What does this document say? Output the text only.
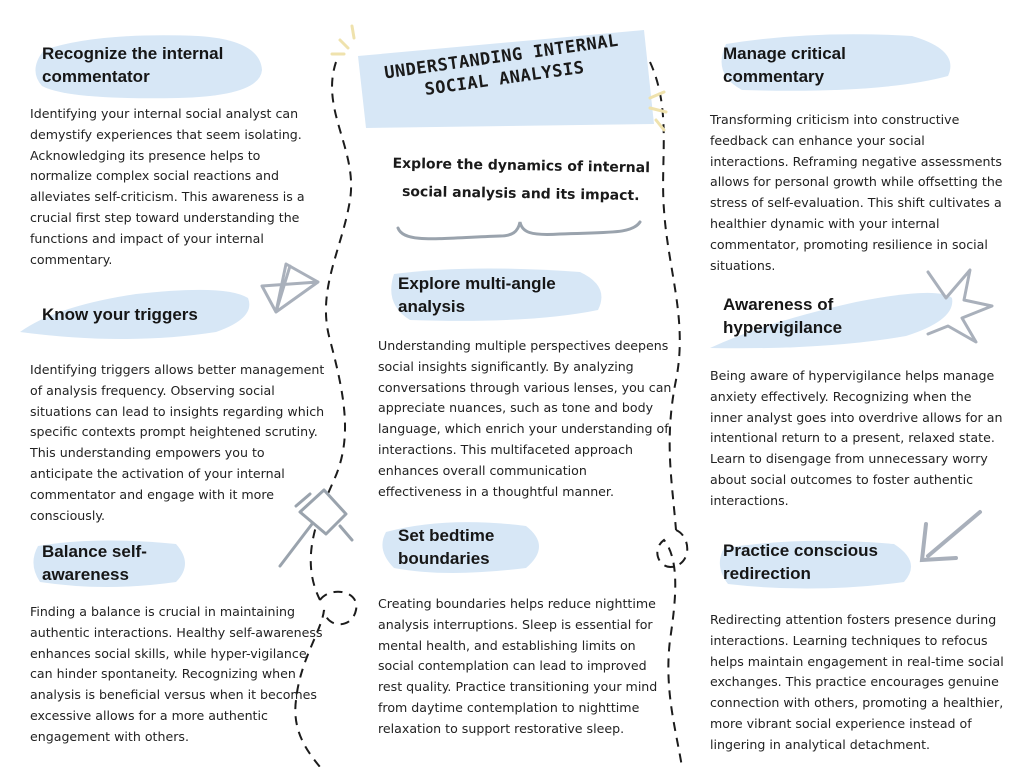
UNDERSTANDING INTERNAL SOCIAL ANALYSIS
Explore the dynamics of internal social analysis and its impact.
Recognize the internal commentator

Identifying your internal social analyst can demystify experiences that seem isolating. Acknowledging its presence helps to normalize complex social reactions and alleviates self-criticism. This awareness is a crucial first step toward understanding the functions and impact of your internal commentary.

Know your triggers

Identifying triggers allows better management of analysis frequency. Observing social situations can lead to insights regarding which specific contexts prompt heightened scrutiny. This understanding empowers you to anticipate the activation of your internal commentator and engage with it more consciously.

Balance self-awareness

Finding a balance is crucial in maintaining authentic interactions. Healthy self-awareness enhances social skills, while hyper-vigilance can hinder spontaneity. Recognizing when analysis is beneficial versus when it becomes excessive allows for a more authentic engagement with others.

Explore multi-angle analysis

Understanding multiple perspectives deepens social insights significantly. By analyzing conversations through various lenses, you can appreciate nuances, such as tone and body language, which enrich your understanding of interactions. This multifaceted approach enhances overall communication effectiveness in a thoughtful manner.

Set bedtime boundaries

Creating boundaries helps reduce nighttime analysis interruptions. Sleep is essential for mental health, and establishing limits on social contemplation can lead to improved rest quality. Practice transitioning your mind from daytime contemplation to nighttime relaxation to support restorative sleep.

Manage critical commentary

Transforming criticism into constructive feedback can enhance your social interactions. Reframing negative assessments allows for personal growth while offsetting the stress of self-evaluation. This shift cultivates a healthier dynamic with your internal commentator, promoting resilience in social situations.

Awareness of hypervigilance

Being aware of hypervigilance helps manage anxiety effectively. Recognizing when the inner analyst goes into overdrive allows for an intentional return to a present, relaxed state. Learn to disengage from unnecessary worry about social outcomes to foster authentic interactions.

Practice conscious redirection

Redirecting attention fosters presence during interactions. Learning techniques to refocus helps maintain engagement in real-time social exchanges. This practice encourages genuine connection with others, promoting a healthier, more vibrant social experience instead of lingering in analytical detachment.
